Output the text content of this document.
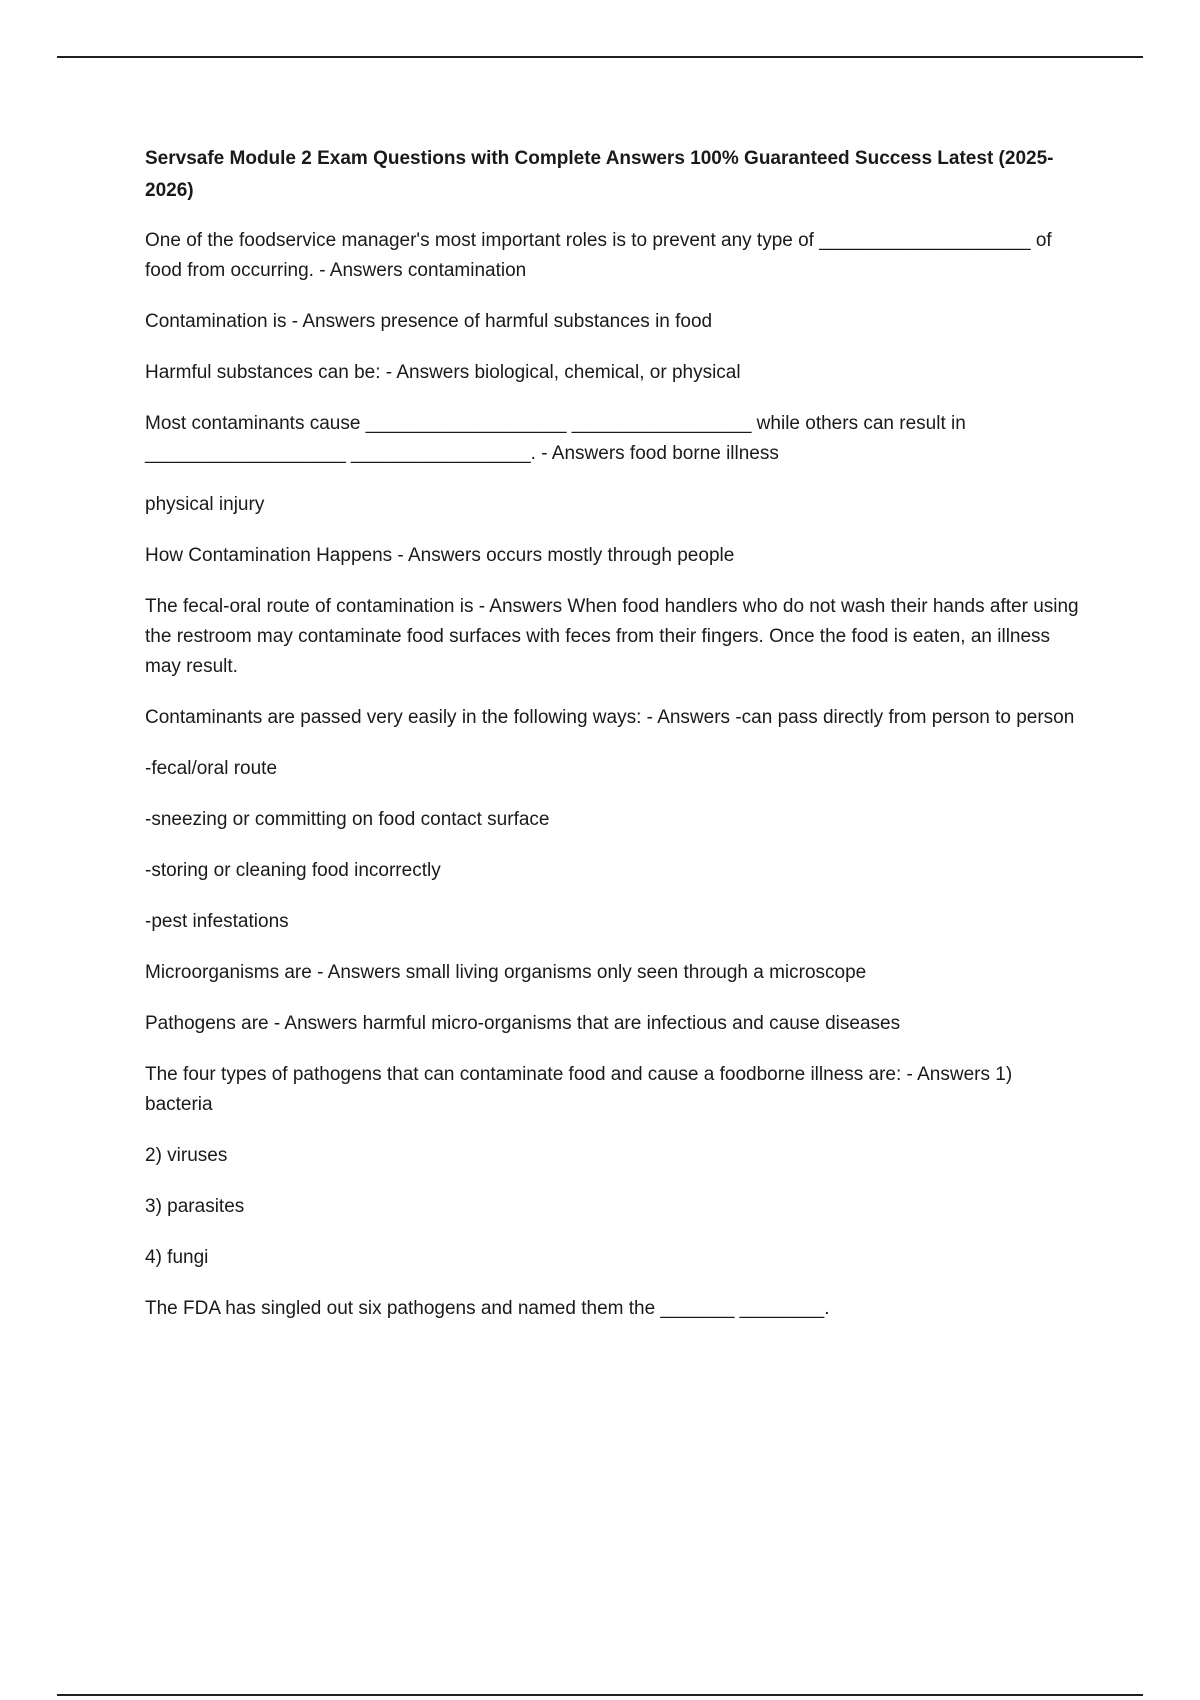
Servsafe Module 2 Exam Questions with Complete Answers 100% Guaranteed Success Latest (2025-2026)

One of the foodservice manager's most important roles is to prevent any type of ____________________ of food from occurring. - Answers contamination

Contamination is - Answers presence of harmful substances in food

Harmful substances can be: - Answers biological, chemical, or physical

Most contaminants cause ___________________ _________________ while others can result in ___________________ _________________. - Answers food borne illness

physical injury

How Contamination Happens - Answers occurs mostly through people

The fecal-oral route of contamination is - Answers When food handlers who do not wash their hands after using the restroom may contaminate food surfaces with feces from their fingers. Once the food is eaten, an illness may result.

Contaminants are passed very easily in the following ways: - Answers -can pass directly from person to person

-fecal/oral route

-sneezing or committing on food contact surface

-storing or cleaning food incorrectly

-pest infestations

Microorganisms are - Answers small living organisms only seen through a microscope

Pathogens are - Answers harmful micro-organisms that are infectious and cause diseases

The four types of pathogens that can contaminate food and cause a foodborne illness are: - Answers 1) bacteria

2) viruses

3) parasites

4) fungi

The FDA has singled out six pathogens and named them the _______ ________.
